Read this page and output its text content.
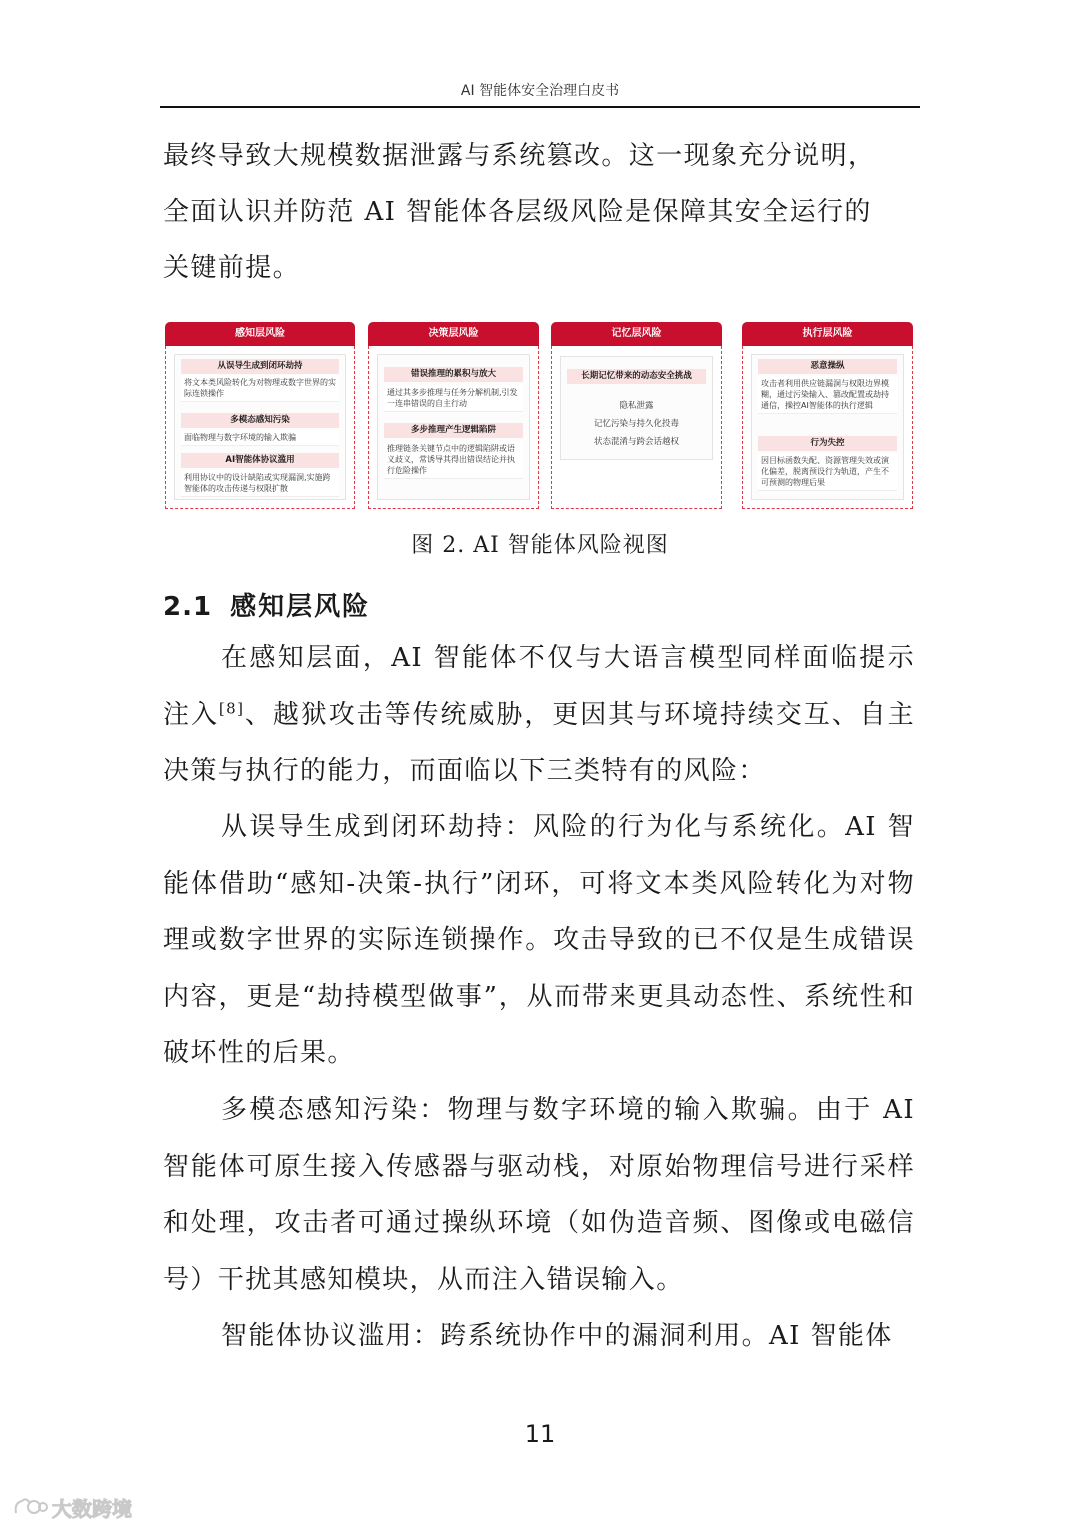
AI 智能体安全治理白皮书

最终导致大规模数据泄露与系统篡改。这一现象充分说明，

全面认识并防范 AI 智能体各层级风险是保障其安全运行的

关键前提。

感知层风险
从误导生成到闭环劫持
将文本类风险转化为对物理或数字世界的实际连锁操作
多模态感知污染
面临物理与数字环境的输入欺骗
AI智能体协议滥用
利用协议中的设计缺陷或实现漏洞,实施跨智能体的攻击传递与权限扩散
决策层风险
错误推理的累积与放大
通过其多步推理与任务分解机制,引发一连串错误的自主行动
多步推理产生逻辑陷阱
推理链条关键节点中的逻辑陷阱或语义歧义，常诱导其得出错误结论并执行危险操作
记忆层风险
长期记忆带来的动态安全挑战
隐私泄露
记忆污染与持久化投毒
状态混淆与跨会话越权
执行层风险
恶意操纵
攻击者利用供应链漏洞与权限边界模糊，通过污染输入、篡改配置或劫持通信，操控AI智能体的执行逻辑
行为失控
因目标函数失配、资源管理失效或演化偏差，脱离预设行为轨道，产生不可预测的物理后果
图 2. AI 智能体风险视图
2.1 感知层风险

在感知层面，AI 智能体不仅与大语言模型同样面临提示注入[8]、越狱攻击等传统威胁，更因其与环境持续交互、自主决策与执行的能力，而面临以下三类特有的风险：

从误导生成到闭环劫持：风险的行为化与系统化。AI 智能体借助“感知-决策-执行”闭环，可将文本类风险转化为对物理或数字世界的实际连锁操作。攻击导致的已不仅是生成错误内容，更是“劫持模型做事”，从而带来更具动态性、系统性和破坏性的后果。

多模态感知污染：物理与数字环境的输入欺骗。由于 AI 智能体可原生接入传感器与驱动栈，对原始物理信号进行采样和处理，攻击者可通过操纵环境（如伪造音频、图像或电磁信号）干扰其感知模块，从而注入错误输入。

智能体协议滥用：跨系统协作中的漏洞利用。AI 智能体

11
大数跨境
